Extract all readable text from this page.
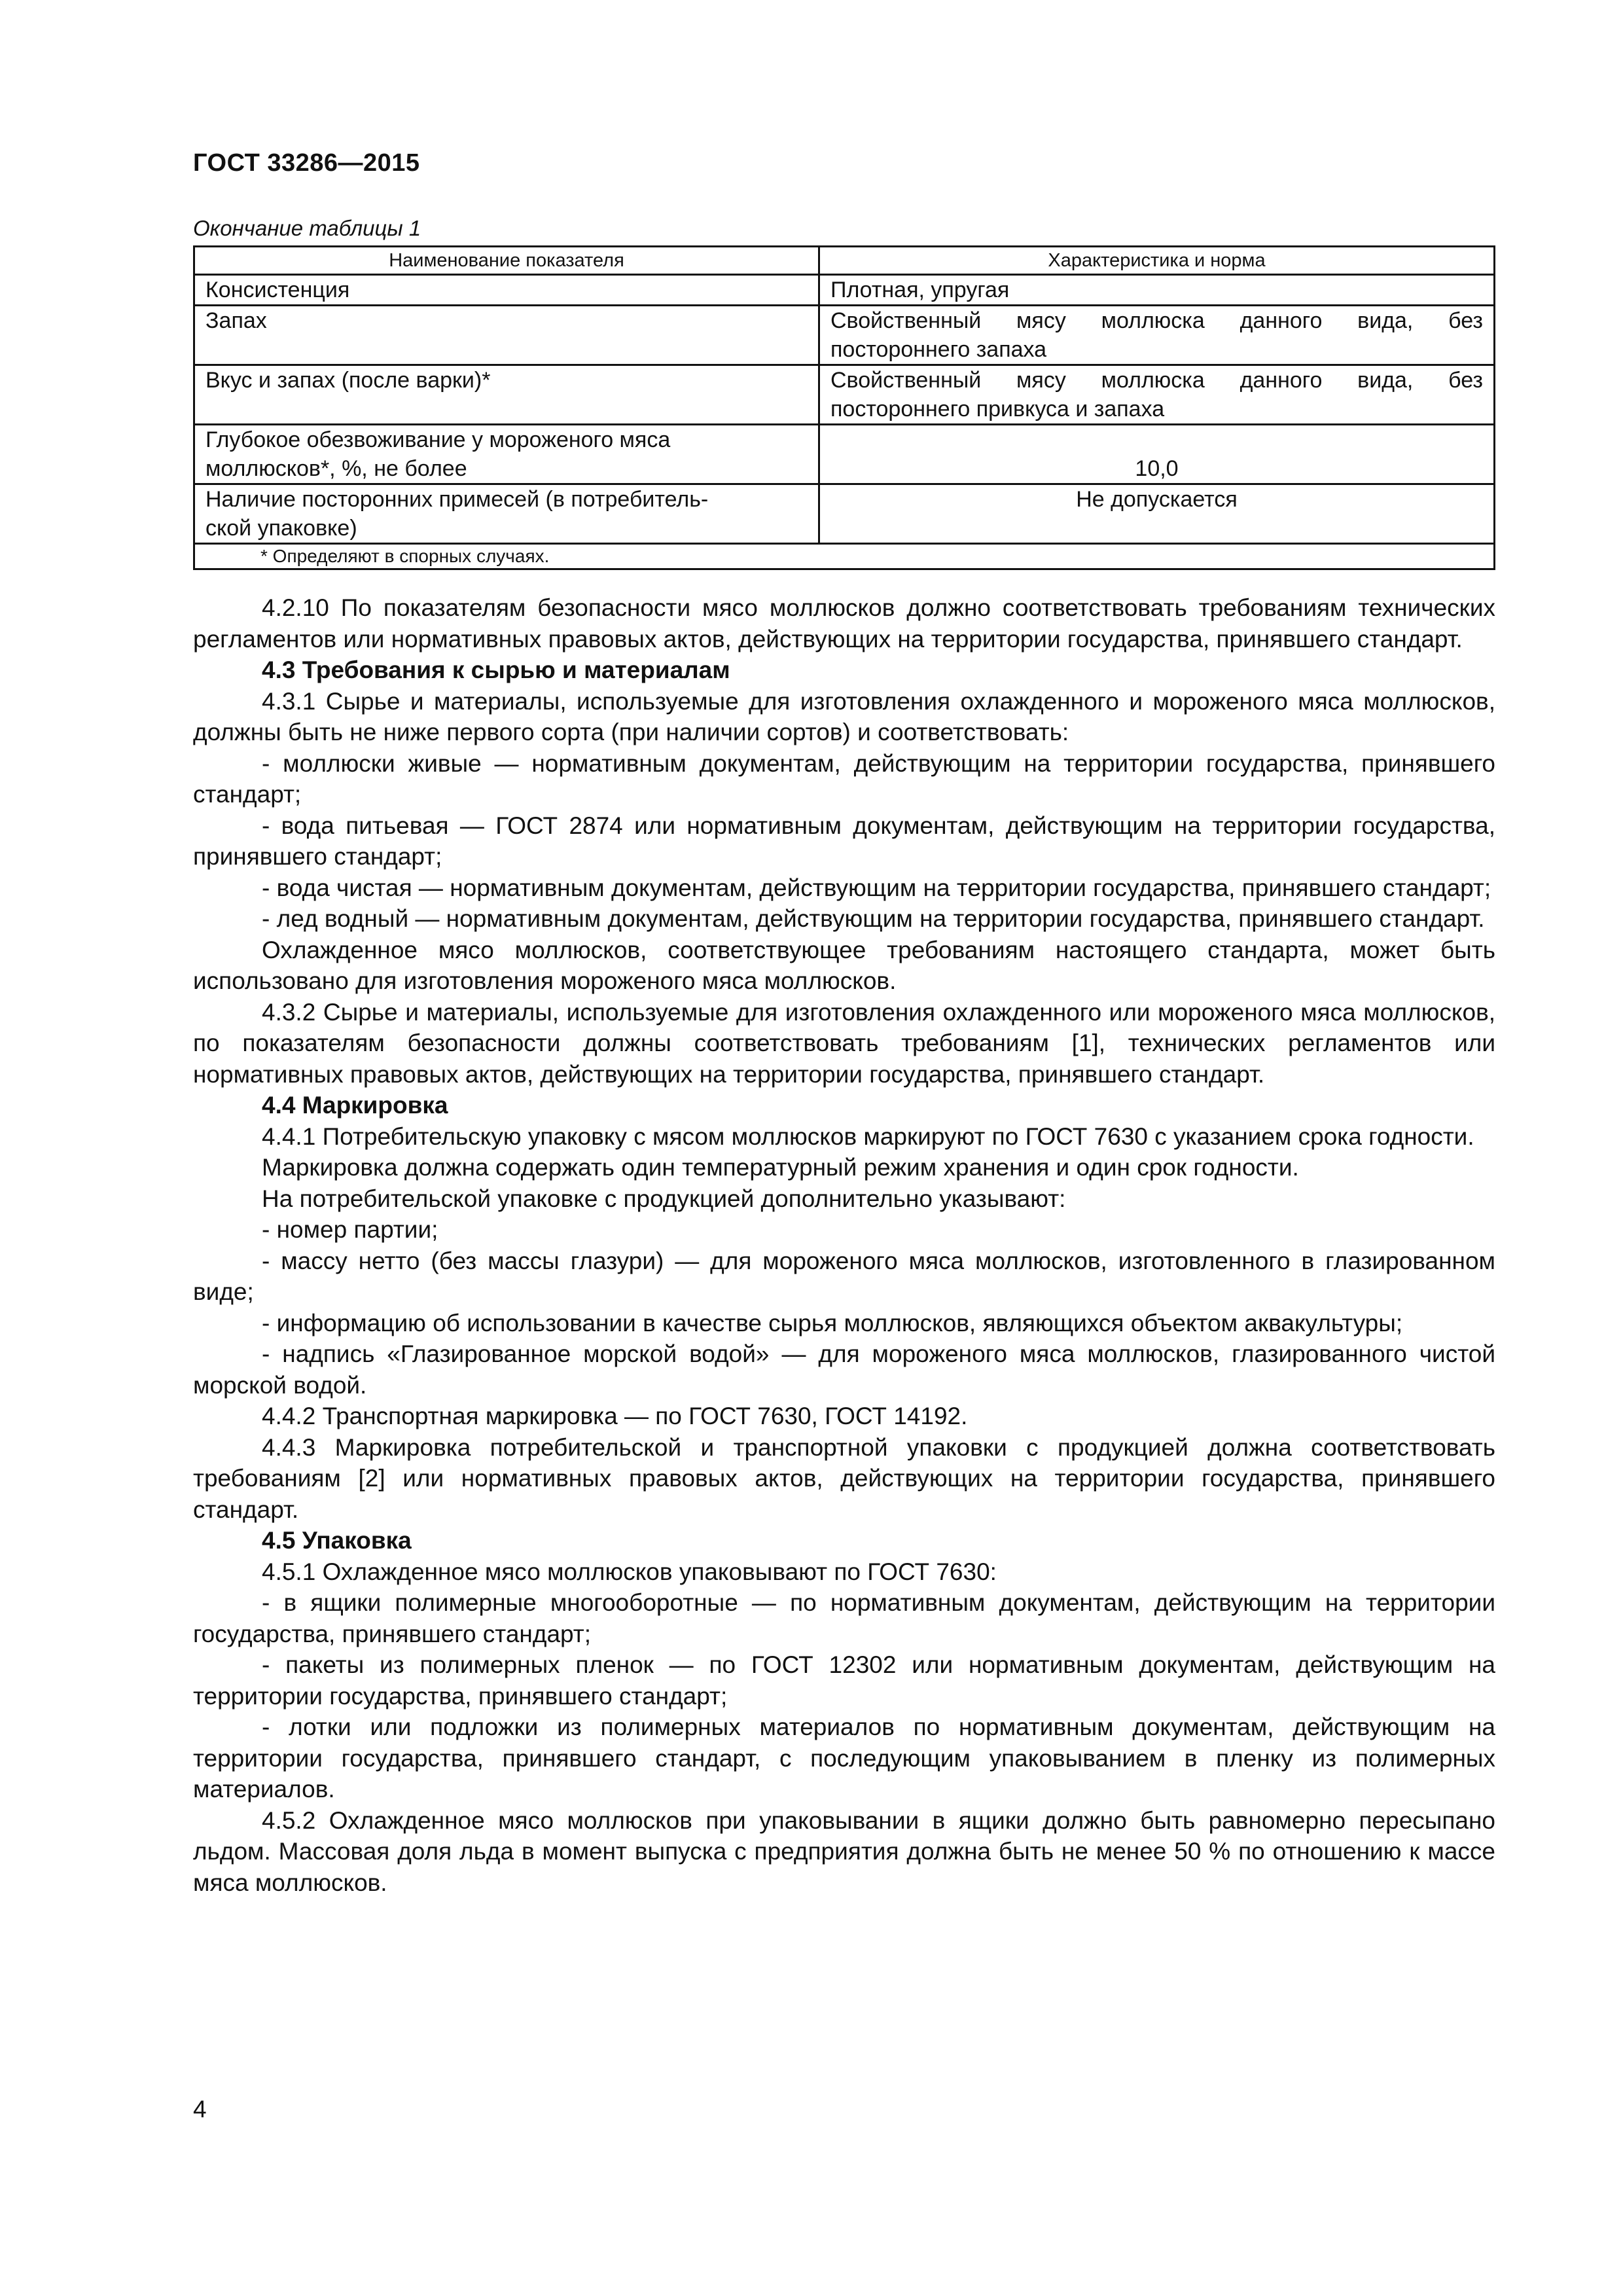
ГОСТ 33286—2015
Окончание таблицы 1
Наименование показателя	Характеристика и норма
Консистенция	Плотная, упругая
Запах	Свойственный мясу моллюска данного вида, без
постороннего запаха

Вкус и запах (после варки)*	Свойственный мясу моллюска данного вида, без
постороннего привкуса и запаха

Глубокое обезвоживание у мороженого мяса
моллюсков*, %, не более	10,0

Наличие посторонних примесей (в потребитель-
ской упаковке)	Не допускается
* Определяют в спорных случаях.	

4.2.10 По показателям безопасности мясо моллюсков должно соответствовать требованиям технических регламентов или нормативных правовых актов, действующих на территории государства, принявшего стандарт.

4.3 Требования к сырью и материалам

4.3.1 Сырье и материалы, используемые для изготовления охлажденного и мороженого мяса моллюсков, должны быть не ниже первого сорта (при наличии сортов) и соответствовать:

- моллюски живые — нормативным документам, действующим на территории государства, принявшего стандарт;

- вода питьевая — ГОСТ 2874 или нормативным документам, действующим на территории государства, принявшего стандарт;

- вода чистая — нормативным документам, действующим на территории государства, принявшего стандарт;

- лед водный — нормативным документам, действующим на территории государства, принявшего стандарт.

Охлажденное мясо моллюсков, соответствующее требованиям настоящего стандарта, может быть использовано для изготовления мороженого мяса моллюсков.

4.3.2 Сырье и материалы, используемые для изготовления охлажденного или мороженого мяса моллюсков, по показателям безопасности должны соответствовать требованиям [1], технических регламентов или нормативных правовых актов, действующих на территории государства, принявшего стандарт.

4.4 Маркировка

4.4.1 Потребительскую упаковку с мясом моллюсков маркируют по ГОСТ 7630 с указанием срока годности.

Маркировка должна содержать один температурный режим хранения и один срок годности.

На потребительской упаковке с продукцией дополнительно указывают:

- номер партии;

- массу нетто (без массы глазури) — для мороженого мяса моллюсков, изготовленного в глазированном виде;

- информацию об использовании в качестве сырья моллюсков, являющихся объектом аквакультуры;

- надпись «Глазированное морской водой» — для мороженого мяса моллюсков, глазированного чистой морской водой.

4.4.2 Транспортная маркировка — по ГОСТ 7630, ГОСТ 14192.

4.4.3 Маркировка потребительской и транспортной упаковки с продукцией должна соответствовать требованиям [2] или нормативных правовых актов, действующих на территории государства, принявшего стандарт.

4.5 Упаковка

4.5.1 Охлажденное мясо моллюсков упаковывают по ГОСТ 7630:

- в ящики полимерные многооборотные — по нормативным документам, действующим на территории государства, принявшего стандарт;

- пакеты из полимерных пленок — по ГОСТ 12302 или нормативным документам, действующим на территории государства, принявшего стандарт;

- лотки или подложки из полимерных материалов по нормативным документам, действующим на территории государства, принявшего стандарт, с последующим упаковыванием в пленку из полимерных материалов.

4.5.2 Охлажденное мясо моллюсков при упаковывании в ящики должно быть равномерно пересыпано льдом. Массовая доля льда в момент выпуска с предприятия должна быть не менее 50 % по отношению к массе мяса моллюсков.

4
